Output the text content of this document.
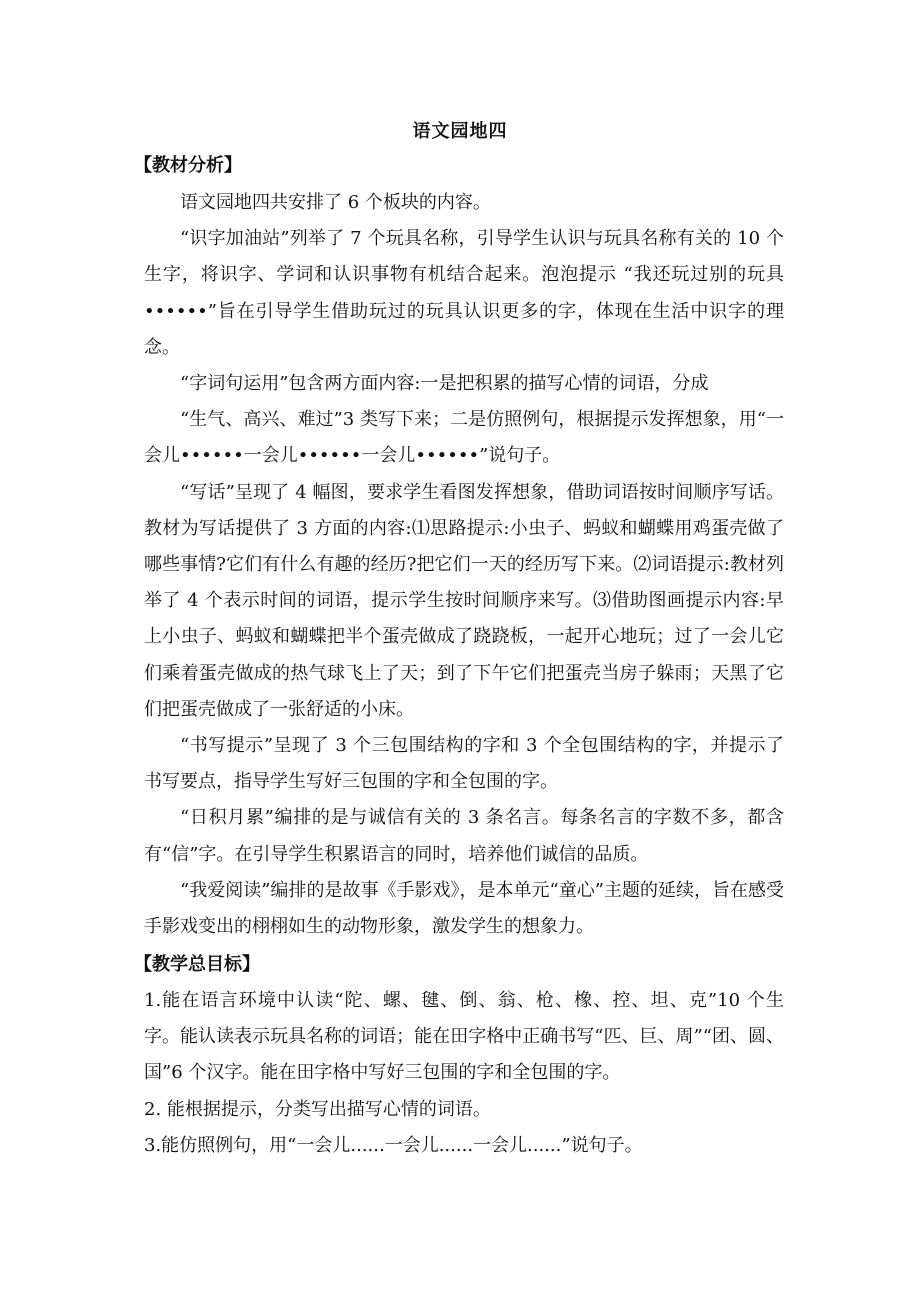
语文园地四
【教材分析】

语文园地四共安排了 6 个板块的内容。

“识字加油站”列举了 7 个玩具名称，引导学生认识与玩具名称有关的 10 个生字，将识字、学词和认识事物有机结合起来。泡泡提示 “我还玩过别的玩具••••••”旨在引导学生借助玩过的玩具认识更多的字，体现在生活中识字的理念。

“字词句运用”包含两方面内容:一是把积累的描写心情的词语，分成

“生气、高兴、难过”3 类写下来；二是仿照例句，根据提示发挥想象，用“一会儿••••••一会儿••••••一会儿••••••”说句子。

“写话”呈现了 4 幅图，要求学生看图发挥想象，借助词语按时间顺序写话。教材为写话提供了 3 方面的内容:⑴思路提示:小虫子、蚂蚁和蝴蝶用鸡蛋壳做了哪些事情?它们有什么有趣的经历?把它们一天的经历写下来。⑵词语提示:教材列举了 4 个表示时间的词语，提示学生按时间顺序来写。⑶借助图画提示内容:早上小虫子、蚂蚁和蝴蝶把半个蛋壳做成了跷跷板，一起开心地玩；过了一会儿它们乘着蛋壳做成的热气球飞上了天；到了下午它们把蛋壳当房子躲雨；天黑了它们把蛋壳做成了一张舒适的小床。

“书写提示”呈现了 3 个三包围结构的字和 3 个全包围结构的字，并提示了书写要点，指导学生写好三包围的字和全包围的字。

“日积月累”编排的是与诚信有关的 3 条名言。每条名言的字数不多，都含有“信”字。在引导学生积累语言的同时，培养他们诚信的品质。

“我爱阅读”编排的是故事《手影戏》，是本单元“童心”主题的延续，旨在感受手影戏变出的栩栩如生的动物形象，激发学生的想象力。

【教学总目标】

1.能在语言环境中认读“陀、螺、毽、倒、翁、枪、橡、控、坦、克”10 个生字。能认读表示玩具名称的词语；能在田字格中正确书写“匹、巨、周”“团、圆、国”6 个汉字。能在田字格中写好三包围的字和全包围的字。

2. 能根据提示，分类写出描写心情的词语。

3.能仿照例句，用“一会儿......一会儿......一会儿......”说句子。
